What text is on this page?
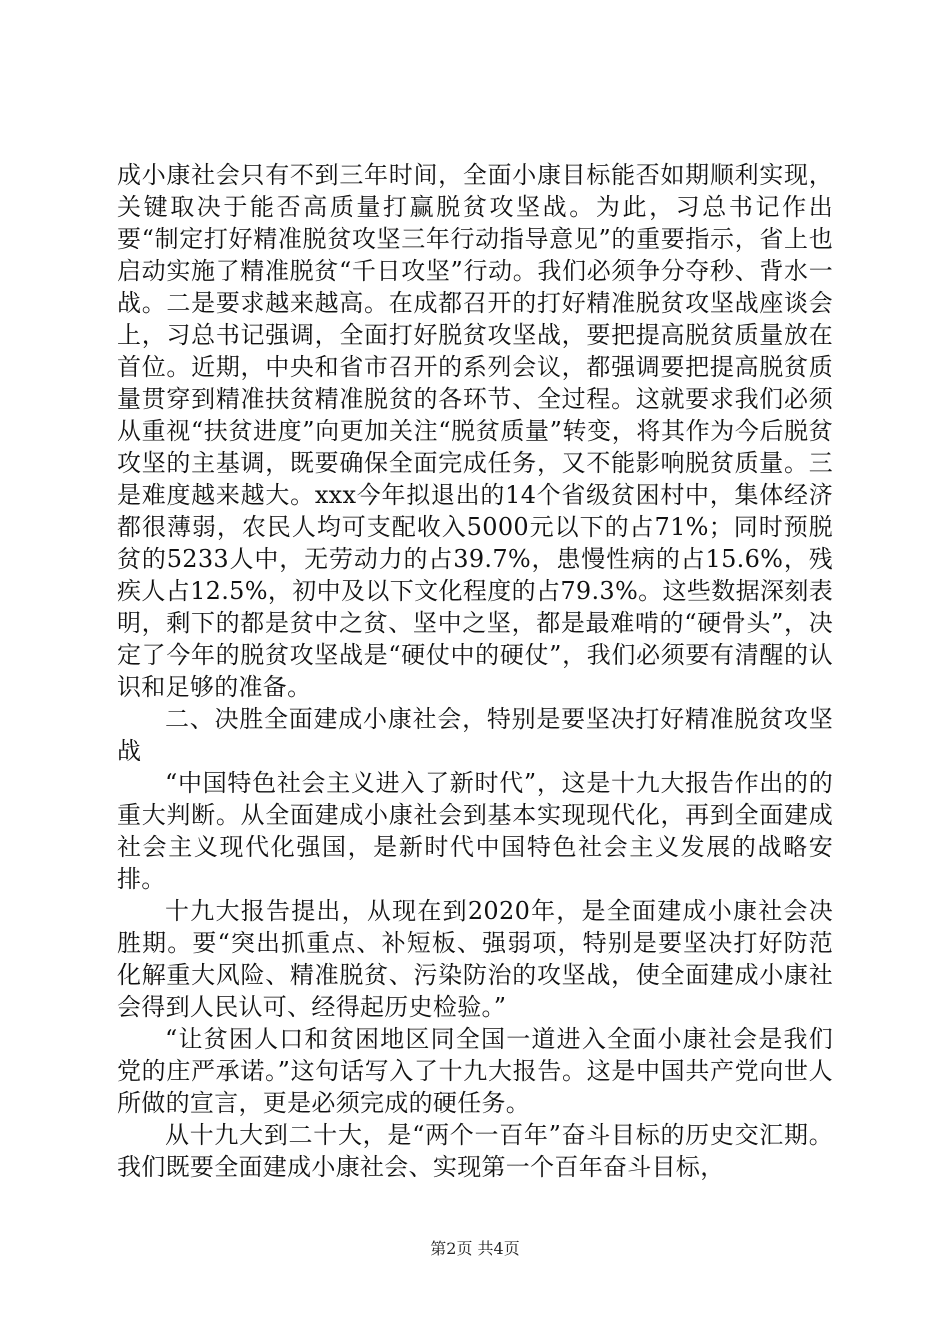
成小康社会只有不到三年时间，全面小康目标能否如期顺利实现，关键取决于能否高质量打赢脱贫攻坚战。为此，习总书记作出要“制定打好精准脱贫攻坚三年行动指导意见”的重要指示，省上也启动实施了精准脱贫“千日攻坚”行动。我们必须争分夺秒、背水一战。二是要求越来越高。在成都召开的打好精准脱贫攻坚战座谈会上，习总书记强调，全面打好脱贫攻坚战，要把提高脱贫质量放在首位。近期，中央和省市召开的系列会议，都强调要把提高脱贫质量贯穿到精准扶贫精准脱贫的各环节、全过程。这就要求我们必须从重视“扶贫进度”向更加关注“脱贫质量”转变，将其作为今后脱贫攻坚的主基调，既要确保全面完成任务，又不能影响脱贫质量。三是难度越来越大。xxx今年拟退出的14个省级贫困村中，集体经济都很薄弱，农民人均可支配收入5000元以下的占71%；同时预脱贫的5233人中，无劳动力的占39.7%，患慢性病的占15.6%，残疾人占12.5%，初中及以下文化程度的占79.3%。这些数据深刻表明，剩下的都是贫中之贫、坚中之坚，都是最难啃的“硬骨头”，决定了今年的脱贫攻坚战是“硬仗中的硬仗”，我们必须要有清醒的认识和足够的准备。

二、决胜全面建成小康社会，特别是要坚决打好精准脱贫攻坚战

“中国特色社会主义进入了新时代”，这是十九大报告作出的的重大判断。从全面建成小康社会到基本实现现代化，再到全面建成社会主义现代化强国，是新时代中国特色社会主义发展的战略安排。

十九大报告提出，从现在到2020年，是全面建成小康社会决胜期。要“突出抓重点、补短板、强弱项，特别是要坚决打好防范化解重大风险、精准脱贫、污染防治的攻坚战，使全面建成小康社会得到人民认可、经得起历史检验。”

“让贫困人口和贫困地区同全国一道进入全面小康社会是我们党的庄严承诺。”这句话写入了十九大报告。这是中国共产党向世人所做的宣言，更是必须完成的硬任务。

从十九大到二十大，是“两个一百年”奋斗目标的历史交汇期。我们既要全面建成小康社会、实现第一个百年奋斗目标，

第2页 共4页
